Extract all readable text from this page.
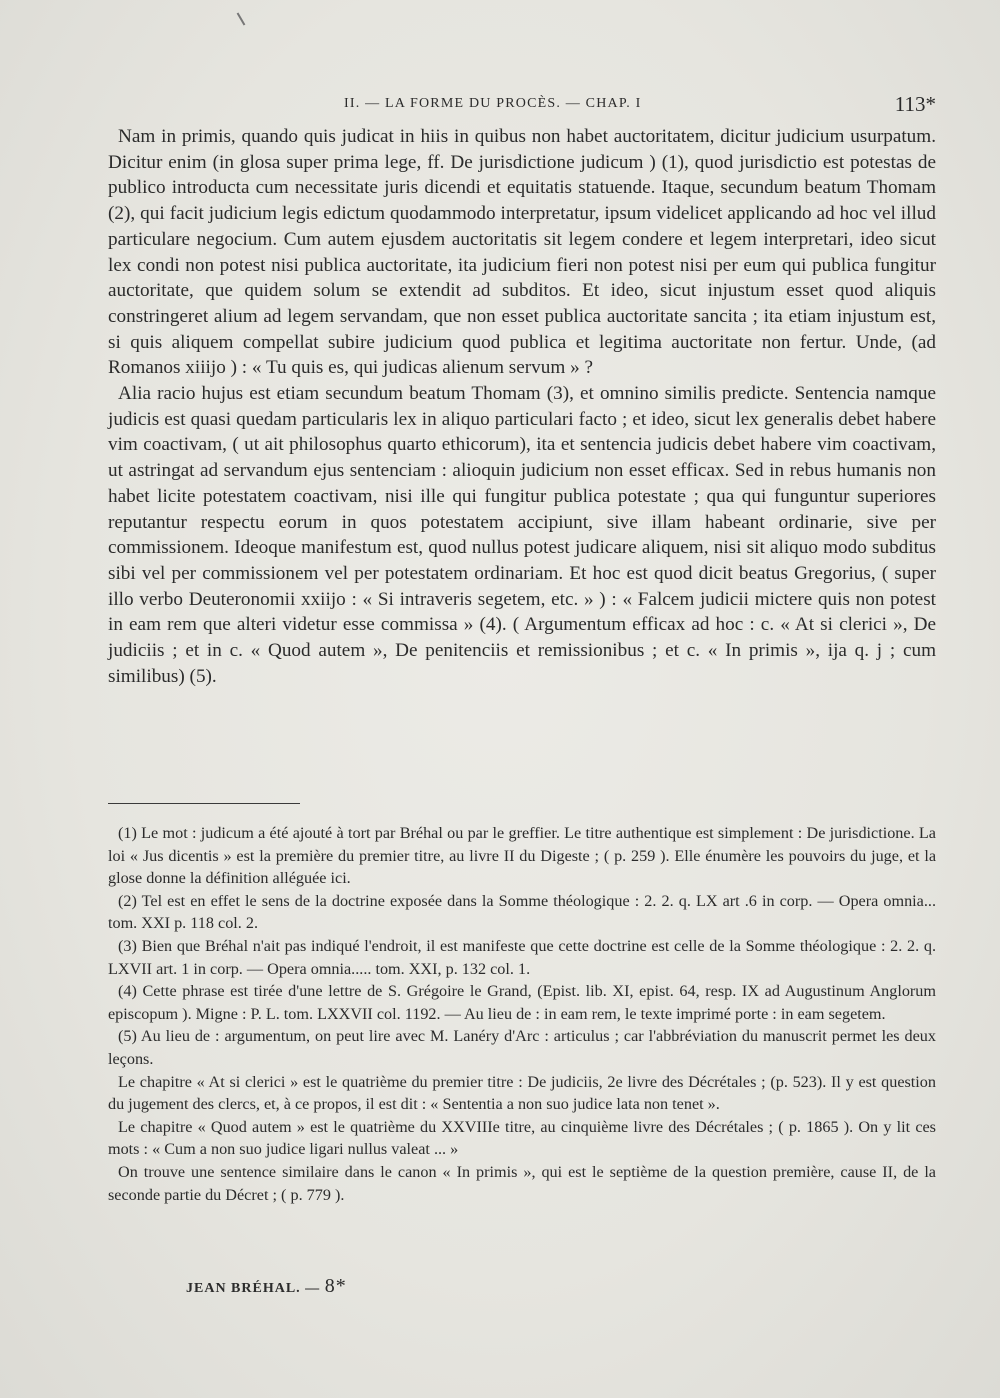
II. — LA FORME DU PROCÈS. — CHAP. I	113*

Nam in primis, quando quis judicat in hiis in quibus non habet auctoritatem, dicitur judicium usurpatum. Dicitur enim (in glosa super prima lege, ff. De jurisdictione judicum ) (1), quod jurisdictio est potestas de publico introducta cum necessitate juris dicendi et equitatis statuende. Itaque, secundum beatum Thomam (2), qui facit judicium legis edictum quodammodo interpretatur, ipsum videlicet applicando ad hoc vel illud particulare negocium. Cum autem ejusdem auctoritatis sit legem condere et legem interpretari, ideo sicut lex condi non potest nisi publica auctoritate, ita judicium fieri non potest nisi per eum qui publica fungitur auctoritate, que quidem solum se extendit ad subditos. Et ideo, sicut injustum esset quod aliquis constringeret alium ad legem servandam, que non esset publica auctoritate sancita ; ita etiam injustum est, si quis aliquem compellat subire judicium quod publica et legitima auctoritate non fertur. Unde, (ad Romanos xiiijo ) : « Tu quis es, qui judicas alienum servum » ?

Alia racio hujus est etiam secundum beatum Thomam (3), et omnino similis predicte. Sentencia namque judicis est quasi quedam particularis lex in aliquo particulari facto ; et ideo, sicut lex generalis debet habere vim coactivam, ( ut ait philosophus quarto ethicorum), ita et sentencia judicis debet habere vim coactivam, ut astringat ad servandum ejus sentenciam : alioquin judicium non esset efficax. Sed in rebus humanis non habet licite potestatem coactivam, nisi ille qui fungitur publica potestate ; qua qui funguntur superiores reputantur respectu eorum in quos potestatem accipiunt, sive illam habeant ordinarie, sive per commissionem. Ideoque manifestum est, quod nullus potest judicare aliquem, nisi sit aliquo modo subditus sibi vel per commissionem vel per potestatem ordinariam. Et hoc est quod dicit beatus Gregorius, ( super illo verbo Deuteronomii xxiijo : « Si intraveris segetem, etc. » ) : « Falcem judicii mictere quis non potest in eam rem que alteri videtur esse commissa » (4). ( Argumentum efficax ad hoc : c. « At si clerici », De judiciis ; et in c. « Quod autem », De penitenciis et remissionibus ; et c. « In primis », ija q. j ; cum similibus) (5).

(1) Le mot : judicum a été ajouté à tort par Bréhal ou par le greffier. Le titre authentique est simplement : De jurisdictione. La loi « Jus dicentis » est la première du premier titre, au livre II du Digeste ; ( p. 259 ). Elle énumère les pouvoirs du juge, et la glose donne la définition alléguée ici.

(2) Tel est en effet le sens de la doctrine exposée dans la Somme théologique : 2. 2. q. LX art .6 in corp. — Opera omnia... tom. XXI p. 118 col. 2.

(3) Bien que Bréhal n'ait pas indiqué l'endroit, il est manifeste que cette doctrine est celle de la Somme théologique : 2. 2. q. LXVII art. 1 in corp. — Opera omnia..... tom. XXI, p. 132 col. 1.

(4) Cette phrase est tirée d'une lettre de S. Grégoire le Grand, (Epist. lib. XI, epist. 64, resp. IX ad Augustinum Anglorum episcopum ). Migne : P. L. tom. LXXVII col. 1192. — Au lieu de : in eam rem, le texte imprimé porte : in eam segetem.

(5) Au lieu de : argumentum, on peut lire avec M. Lanéry d'Arc : articulus ; car l'abbréviation du manuscrit permet les deux leçons.

Le chapitre « At si clerici » est le quatrième du premier titre : De judiciis, 2e livre des Décrétales ; (p. 523). Il y est question du jugement des clercs, et, à ce propos, il est dit : « Sententia a non suo judice lata non tenet ».

Le chapitre « Quod autem » est le quatrième du XXVIIIe titre, au cinquième livre des Décrétales ; ( p. 1865 ). On y lit ces mots : « Cum a non suo judice ligari nullus valeat ... »

On trouve une sentence similaire dans le canon « In primis », qui est le septième de la question première, cause II, de la seconde partie du Décret ; ( p. 779 ).

JEAN BRÉHAL. — 8*
